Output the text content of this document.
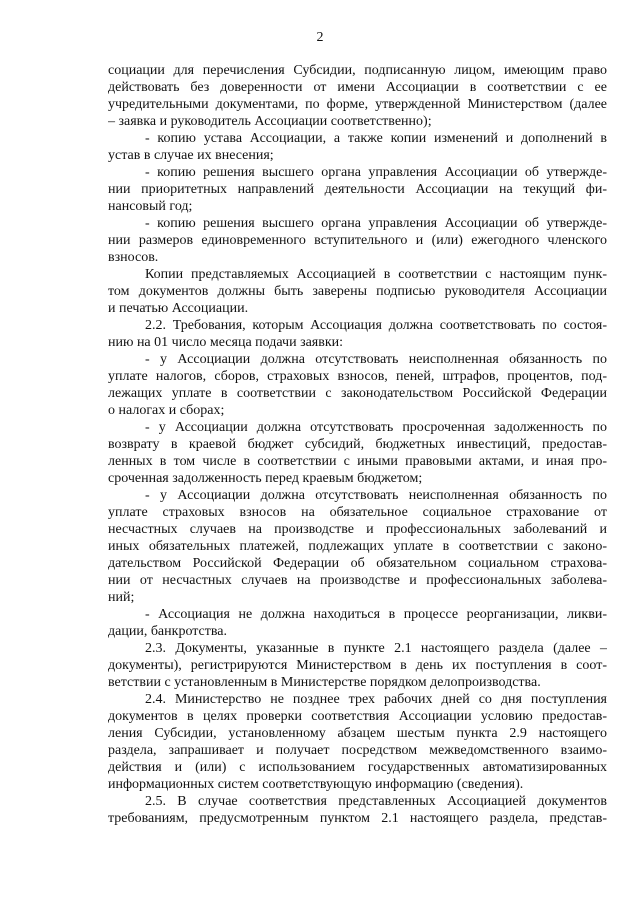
2
социации для перечисления Субсидии, подписанную лицом, имеющим право
действовать без доверенности от имени Ассоциации в соответствии с ее
учредительными документами, по форме, утвержденной Министерством (далее
– заявка и руководитель Ассоциации соответственно);
- копию устава Ассоциации, а также копии изменений и дополнений в
устав в случае их внесения;
- копию решения высшего органа управления Ассоциации об утвержде-
нии приоритетных направлений деятельности Ассоциации на текущий фи-
нансовый год;
- копию решения высшего органа управления Ассоциации об утвержде-
нии размеров единовременного вступительного и (или) ежегодного членского
взносов.
Копии представляемых Ассоциацией в соответствии с настоящим пунк-
том документов должны быть заверены подписью руководителя Ассоциации
и печатью Ассоциации.
2.2. Требования, которым Ассоциация должна соответствовать по состоя-
нию на 01 число месяца подачи заявки:
- у Ассоциации должна отсутствовать неисполненная обязанность по
уплате налогов, сборов, страховых взносов, пеней, штрафов, процентов, под-
лежащих уплате в соответствии с законодательством Российской Федерации
о налогах и сборах;
- у Ассоциации должна отсутствовать просроченная задолженность по
возврату в краевой бюджет субсидий, бюджетных инвестиций, предостав-
ленных в том числе в соответствии с иными правовыми актами, и иная про-
сроченная задолженность перед краевым бюджетом;
- у Ассоциации должна отсутствовать неисполненная обязанность по
уплате страховых взносов на обязательное социальное страхование от
несчастных случаев на производстве и профессиональных заболеваний и
иных обязательных платежей, подлежащих уплате в соответствии с законо-
дательством Российской Федерации об обязательном социальном страхова-
нии от несчастных случаев на производстве и профессиональных заболева-
ний;
- Ассоциация не должна находиться в процессе реорганизации, ликви-
дации, банкротства.
2.3. Документы, указанные в пункте 2.1 настоящего раздела (далее –
документы), регистрируются Министерством в день их поступления в соот-
ветствии с установленным в Министерстве порядком делопроизводства.
2.4. Министерство не позднее трех рабочих дней со дня поступления
документов в целях проверки соответствия Ассоциации условию предостав-
ления Субсидии, установленному абзацем шестым пункта 2.9 настоящего
раздела, запрашивает и получает посредством межведомственного взаимо-
действия и (или) с использованием государственных автоматизированных
информационных систем соответствующую информацию (сведения).
2.5. В случае соответствия представленных Ассоциацией документов
требованиям, предусмотренным пунктом 2.1 настоящего раздела, представ-
